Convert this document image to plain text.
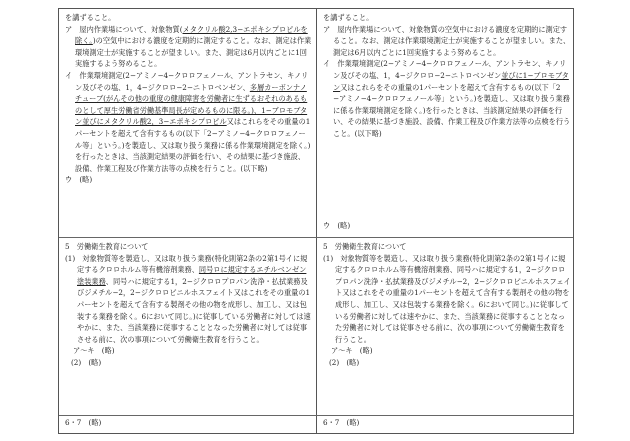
を講ずること。

ア　屋内作業場について、対象物質(メタクリル酸2,3−エポキシプロピルを除く。)の空気中における濃度を定期的に測定すること。なお、測定は作業環境測定士が実施することが望ましい。また、測定は6月以内ごとに1回実施するよう努めること。

イ　作業環境測定(2−アミノ−4−クロロフェノール、アントラセン、キノリン及びその塩、1，4−ジクロロ−2−ニトロベンゼン、多層カーボンナノチューブ(がんその他の重度の健康障害を労働者に生ずるおそれのあるものとして厚生労働省労働基準局長が定めるものに限る。)、1−ブロモブタン並びにメタクリル酸2，3−エポキシプロピル又はこれらをその重量の1パーセントを超えて含有するもの(以下「2−アミノ−4−クロロフェノール等」という。)を製造し、又は取り扱う業務に係る作業環境測定を除く。)を行ったときは、当該測定結果の評価を行い、その結果に基づき施設、設備、作業工程及び作業方法等の点検を行うこと。(以下略)

ウ　(略)

5　労働衛生教育について

(1)　対象物質等を製造し、又は取り扱う業務(特化則第2条の2第1号イに規定するクロロホルム等有機溶剤業務、同号ロに規定するエチルベンゼン塗装業務、同号ハに規定する1，2−ジクロロプロパン洗浄・払拭業務及びジメチル−2，2−ジクロロビニルホスフェイト又はこれをその重量の1パーセントを超えて含有する製剤その他の物を成形し、加工し、又は包装する業務を除く。6において同じ。)に従事している労働者に対しては速やかに、また、当該業務に従事することとなった労働者に対しては従事させる前に、次の事項について労働衛生教育を行うこと。

ア〜キ　(略)

(2)　(略)

を講ずること。

ア　屋内作業場について、対象物質の空気中における濃度を定期的に測定すること。なお、測定は作業環境測定士が実施することが望ましい。また、測定は6月以内ごとに1回実施するよう努めること。

イ　作業環境測定(2−アミノ−4−クロロフェノール、アントラセン、キノリン及びその塩、1，4−ジクロロ−2−ニトロベンゼン並びに1−ブロモブタン又はこれらをその重量の1パーセントを超えて含有するもの(以下「2−アミノ−4−クロロフェノール等」という。)を製造し、又は取り扱う業務に係る作業環境測定を除く。)を行ったときは、当該測定結果の評価を行い、その結果に基づき施設、設備、作業工程及び作業方法等の点検を行うこと。(以下略)

ウ　(略)

5　労働衛生教育について

(1)　対象物質等を製造し、又は取り扱う業務(特化則第2条の2第1号イに規定するクロロホルム等有機溶剤業務、同号ハに規定する1，2−ジクロロプロパン洗浄・払拭業務及びジメチル−2，2−ジクロロビニルホスフェイト又はこれをその重量の1パーセントを超えて含有する製剤その他の物を成形し、加工し、又は包装する業務を除く。6において同じ。)に従事している労働者に対しては速やかに、また、当該業務に従事することとなった労働者に対しては従事させる前に、次の事項について労働衛生教育を行うこと。

ア〜キ　(略)

(2)　(略)

6・7　(略)	6・7　(略)
